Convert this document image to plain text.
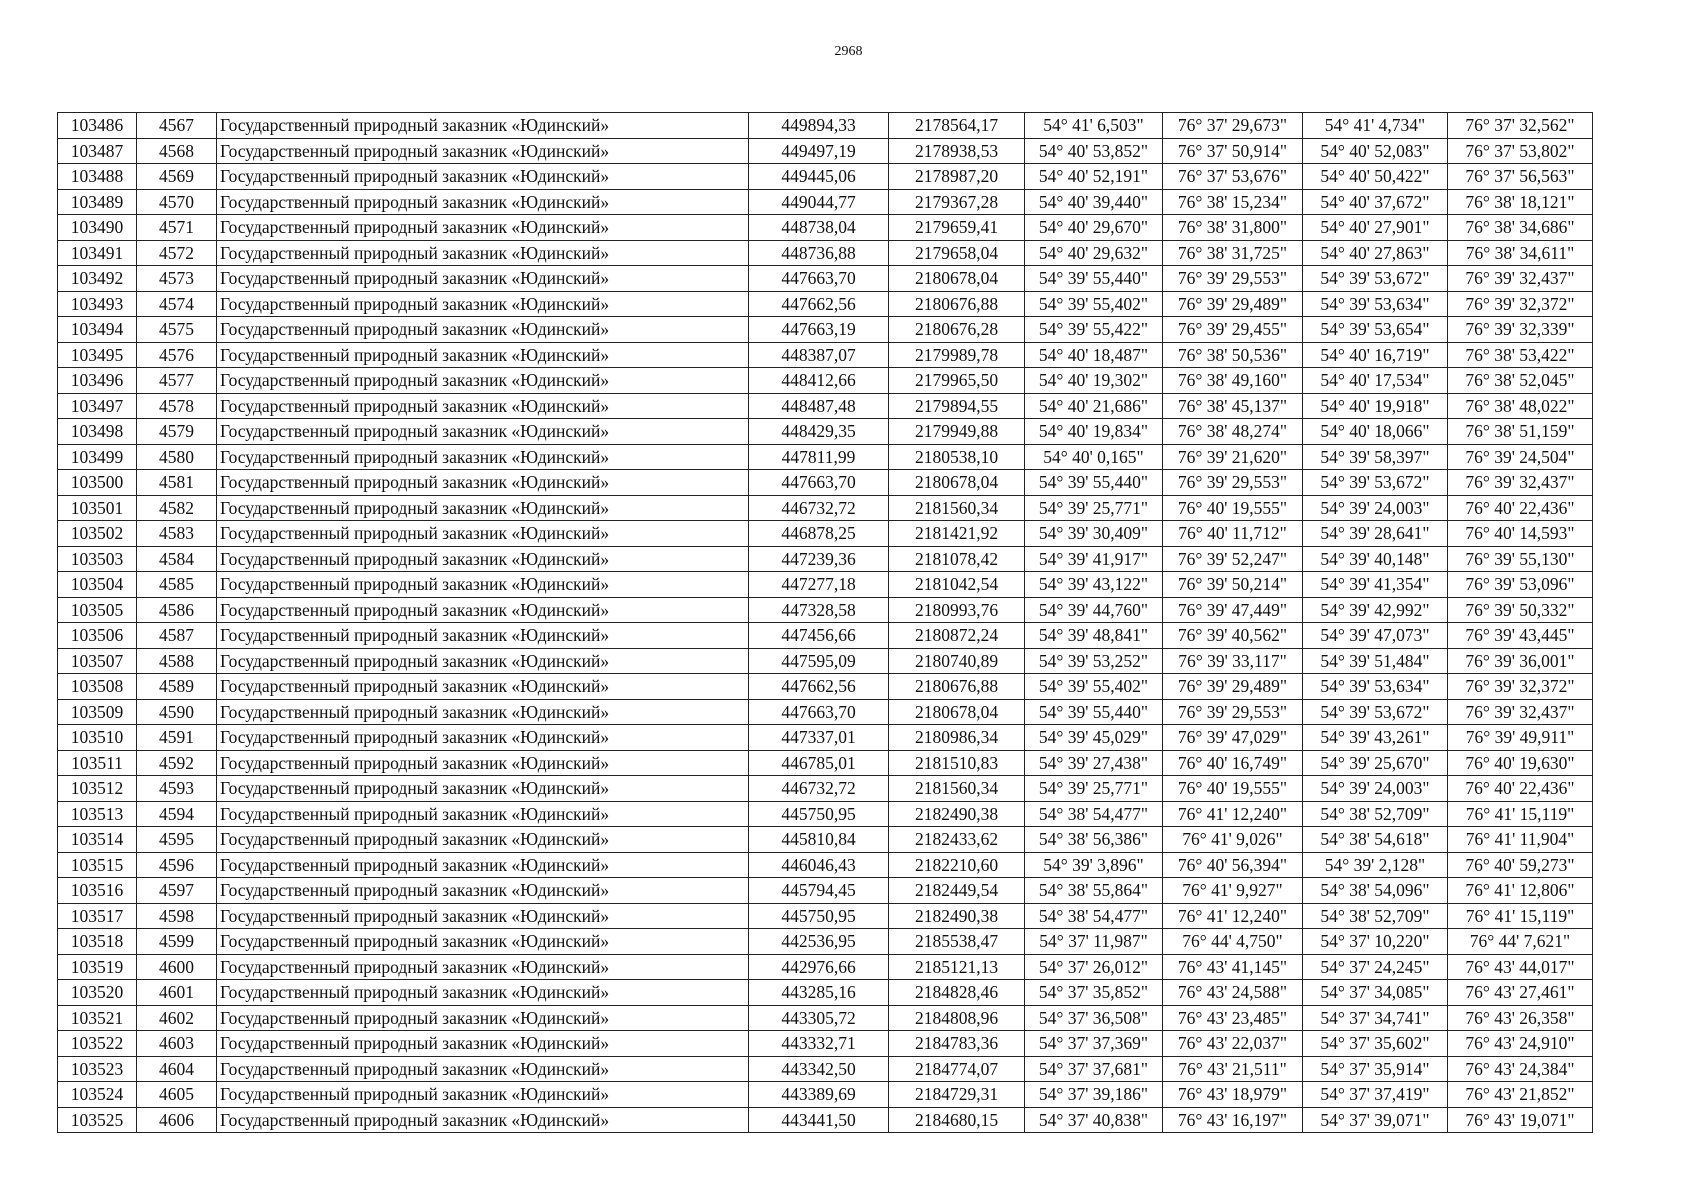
2968
103486	4567	Государственный природный заказник «Юдинский»	449894,33	2178564,17	54° 41' 6,503"	76° 37' 29,673"	54° 41' 4,734"	76° 37' 32,562"
103487	4568	Государственный природный заказник «Юдинский»	449497,19	2178938,53	54° 40' 53,852"	76° 37' 50,914"	54° 40' 52,083"	76° 37' 53,802"
103488	4569	Государственный природный заказник «Юдинский»	449445,06	2178987,20	54° 40' 52,191"	76° 37' 53,676"	54° 40' 50,422"	76° 37' 56,563"
103489	4570	Государственный природный заказник «Юдинский»	449044,77	2179367,28	54° 40' 39,440"	76° 38' 15,234"	54° 40' 37,672"	76° 38' 18,121"
103490	4571	Государственный природный заказник «Юдинский»	448738,04	2179659,41	54° 40' 29,670"	76° 38' 31,800"	54° 40' 27,901"	76° 38' 34,686"
103491	4572	Государственный природный заказник «Юдинский»	448736,88	2179658,04	54° 40' 29,632"	76° 38' 31,725"	54° 40' 27,863"	76° 38' 34,611"
103492	4573	Государственный природный заказник «Юдинский»	447663,70	2180678,04	54° 39' 55,440"	76° 39' 29,553"	54° 39' 53,672"	76° 39' 32,437"
103493	4574	Государственный природный заказник «Юдинский»	447662,56	2180676,88	54° 39' 55,402"	76° 39' 29,489"	54° 39' 53,634"	76° 39' 32,372"
103494	4575	Государственный природный заказник «Юдинский»	447663,19	2180676,28	54° 39' 55,422"	76° 39' 29,455"	54° 39' 53,654"	76° 39' 32,339"
103495	4576	Государственный природный заказник «Юдинский»	448387,07	2179989,78	54° 40' 18,487"	76° 38' 50,536"	54° 40' 16,719"	76° 38' 53,422"
103496	4577	Государственный природный заказник «Юдинский»	448412,66	2179965,50	54° 40' 19,302"	76° 38' 49,160"	54° 40' 17,534"	76° 38' 52,045"
103497	4578	Государственный природный заказник «Юдинский»	448487,48	2179894,55	54° 40' 21,686"	76° 38' 45,137"	54° 40' 19,918"	76° 38' 48,022"
103498	4579	Государственный природный заказник «Юдинский»	448429,35	2179949,88	54° 40' 19,834"	76° 38' 48,274"	54° 40' 18,066"	76° 38' 51,159"
103499	4580	Государственный природный заказник «Юдинский»	447811,99	2180538,10	54° 40' 0,165"	76° 39' 21,620"	54° 39' 58,397"	76° 39' 24,504"
103500	4581	Государственный природный заказник «Юдинский»	447663,70	2180678,04	54° 39' 55,440"	76° 39' 29,553"	54° 39' 53,672"	76° 39' 32,437"
103501	4582	Государственный природный заказник «Юдинский»	446732,72	2181560,34	54° 39' 25,771"	76° 40' 19,555"	54° 39' 24,003"	76° 40' 22,436"
103502	4583	Государственный природный заказник «Юдинский»	446878,25	2181421,92	54° 39' 30,409"	76° 40' 11,712"	54° 39' 28,641"	76° 40' 14,593"
103503	4584	Государственный природный заказник «Юдинский»	447239,36	2181078,42	54° 39' 41,917"	76° 39' 52,247"	54° 39' 40,148"	76° 39' 55,130"
103504	4585	Государственный природный заказник «Юдинский»	447277,18	2181042,54	54° 39' 43,122"	76° 39' 50,214"	54° 39' 41,354"	76° 39' 53,096"
103505	4586	Государственный природный заказник «Юдинский»	447328,58	2180993,76	54° 39' 44,760"	76° 39' 47,449"	54° 39' 42,992"	76° 39' 50,332"
103506	4587	Государственный природный заказник «Юдинский»	447456,66	2180872,24	54° 39' 48,841"	76° 39' 40,562"	54° 39' 47,073"	76° 39' 43,445"
103507	4588	Государственный природный заказник «Юдинский»	447595,09	2180740,89	54° 39' 53,252"	76° 39' 33,117"	54° 39' 51,484"	76° 39' 36,001"
103508	4589	Государственный природный заказник «Юдинский»	447662,56	2180676,88	54° 39' 55,402"	76° 39' 29,489"	54° 39' 53,634"	76° 39' 32,372"
103509	4590	Государственный природный заказник «Юдинский»	447663,70	2180678,04	54° 39' 55,440"	76° 39' 29,553"	54° 39' 53,672"	76° 39' 32,437"
103510	4591	Государственный природный заказник «Юдинский»	447337,01	2180986,34	54° 39' 45,029"	76° 39' 47,029"	54° 39' 43,261"	76° 39' 49,911"
103511	4592	Государственный природный заказник «Юдинский»	446785,01	2181510,83	54° 39' 27,438"	76° 40' 16,749"	54° 39' 25,670"	76° 40' 19,630"
103512	4593	Государственный природный заказник «Юдинский»	446732,72	2181560,34	54° 39' 25,771"	76° 40' 19,555"	54° 39' 24,003"	76° 40' 22,436"
103513	4594	Государственный природный заказник «Юдинский»	445750,95	2182490,38	54° 38' 54,477"	76° 41' 12,240"	54° 38' 52,709"	76° 41' 15,119"
103514	4595	Государственный природный заказник «Юдинский»	445810,84	2182433,62	54° 38' 56,386"	76° 41' 9,026"	54° 38' 54,618"	76° 41' 11,904"
103515	4596	Государственный природный заказник «Юдинский»	446046,43	2182210,60	54° 39' 3,896"	76° 40' 56,394"	54° 39' 2,128"	76° 40' 59,273"
103516	4597	Государственный природный заказник «Юдинский»	445794,45	2182449,54	54° 38' 55,864"	76° 41' 9,927"	54° 38' 54,096"	76° 41' 12,806"
103517	4598	Государственный природный заказник «Юдинский»	445750,95	2182490,38	54° 38' 54,477"	76° 41' 12,240"	54° 38' 52,709"	76° 41' 15,119"
103518	4599	Государственный природный заказник «Юдинский»	442536,95	2185538,47	54° 37' 11,987"	76° 44' 4,750"	54° 37' 10,220"	76° 44' 7,621"
103519	4600	Государственный природный заказник «Юдинский»	442976,66	2185121,13	54° 37' 26,012"	76° 43' 41,145"	54° 37' 24,245"	76° 43' 44,017"
103520	4601	Государственный природный заказник «Юдинский»	443285,16	2184828,46	54° 37' 35,852"	76° 43' 24,588"	54° 37' 34,085"	76° 43' 27,461"
103521	4602	Государственный природный заказник «Юдинский»	443305,72	2184808,96	54° 37' 36,508"	76° 43' 23,485"	54° 37' 34,741"	76° 43' 26,358"
103522	4603	Государственный природный заказник «Юдинский»	443332,71	2184783,36	54° 37' 37,369"	76° 43' 22,037"	54° 37' 35,602"	76° 43' 24,910"
103523	4604	Государственный природный заказник «Юдинский»	443342,50	2184774,07	54° 37' 37,681"	76° 43' 21,511"	54° 37' 35,914"	76° 43' 24,384"
103524	4605	Государственный природный заказник «Юдинский»	443389,69	2184729,31	54° 37' 39,186"	76° 43' 18,979"	54° 37' 37,419"	76° 43' 21,852"
103525	4606	Государственный природный заказник «Юдинский»	443441,50	2184680,15	54° 37' 40,838"	76° 43' 16,197"	54° 37' 39,071"	76° 43' 19,071"
